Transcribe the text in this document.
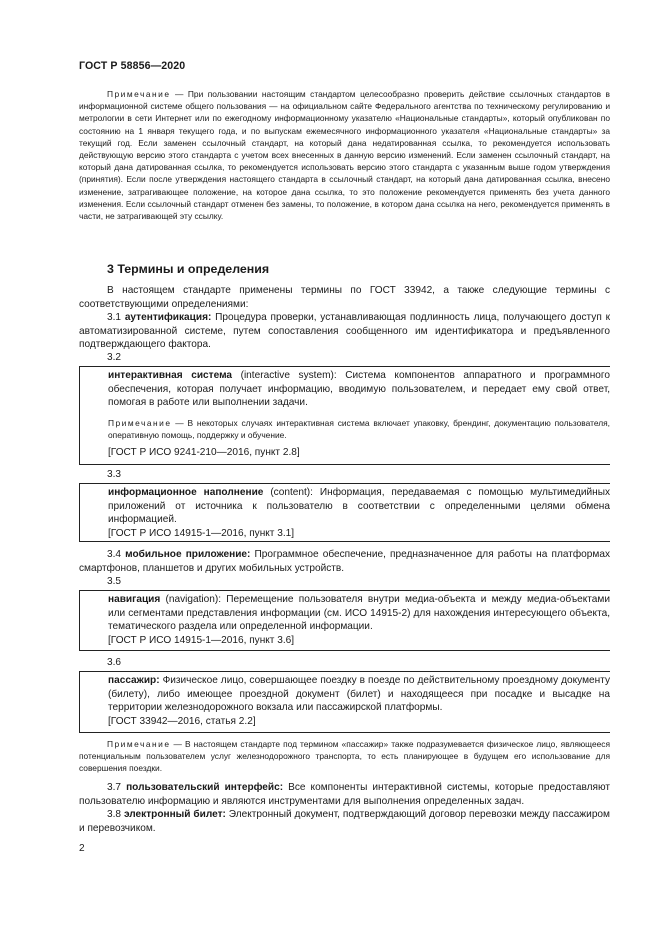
ГОСТ Р 58856—2020

Примечание — При пользовании настоящим стандартом целесообразно проверить действие ссылочных стандартов в информационной системе общего пользования — на официальном сайте Федерального агентства по техническому регулированию и метрологии в сети Интернет или по ежегодному информационному указателю «Национальные стандарты», который опубликован по состоянию на 1 января текущего года, и по выпускам ежемесячного информационного указателя «Национальные стандарты» за текущий год. Если заменен ссылочный стандарт, на который дана недатированная ссылка, то рекомендуется использовать действующую версию этого стандарта с учетом всех внесенных в данную версию изменений. Если заменен ссылочный стандарт, на который дана датированная ссылка, то рекомендуется использовать версию этого стандарта с указанным выше годом утверждения (принятия). Если после утверждения настоящего стандарта в ссылочный стандарт, на который дана датированная ссылка, внесено изменение, затрагивающее положение, на которое дана ссылка, то это положение рекомендуется применять без учета данного изменения. Если ссылочный стандарт отменен без замены, то положение, в котором дана ссылка на него, рекомендуется применять в части, не затрагивающей эту ссылку.

3 Термины и определения

В настоящем стандарте применены термины по ГОСТ 33942, а также следующие термины с соответствующими определениями:

3.1 аутентификация: Процедура проверки, устанавливающая подлинность лица, получающего доступ к автоматизированной системе, путем сопоставления сообщенного им идентификатора и предъявленного подтверждающего фактора.

3.2

интерактивная система (interactive system): Система компонентов аппаратного и программного обеспечения, которая получает информацию, вводимую пользователем, и передает ему свой ответ, помогая в работе или выполнении задачи.

Примечание — В некоторых случаях интерактивная система включает упаковку, брендинг, документацию пользователя, оперативную помощь, поддержку и обучение.

[ГОСТ Р ИСО 9241-210—2016, пункт 2.8]

3.3

информационное наполнение (content): Информация, передаваемая с помощью мультимедийных приложений от источника к пользователю в соответствии с определенными целями обмена информацией.

[ГОСТ Р ИСО 14915-1—2016, пункт 3.1]

3.4 мобильное приложение: Программное обеспечение, предназначенное для работы на платформах смартфонов, планшетов и других мобильных устройств.

3.5

навигация (navigation): Перемещение пользователя внутри медиа-объекта и между медиа-объектами или сегментами представления информации (см. ИСО 14915-2) для нахождения интересующего объекта, тематического раздела или определенной информации.

[ГОСТ Р ИСО 14915-1—2016, пункт 3.6]

3.6

пассажир: Физическое лицо, совершающее поездку в поезде по действительному проездному документу (билету), либо имеющее проездной документ (билет) и находящееся при посадке и высадке на территории железнодорожного вокзала или пассажирской платформы.

[ГОСТ 33942—2016, статья 2.2]

Примечание — В настоящем стандарте под термином «пассажир» также подразумевается физическое лицо, являющееся потенциальным пользователем услуг железнодорожного транспорта, то есть планирующее в будущем его использование для совершения поездки.

3.7 пользовательский интерфейс: Все компоненты интерактивной системы, которые предоставляют пользователю информацию и являются инструментами для выполнения определенных задач.

3.8 электронный билет: Электронный документ, подтверждающий договор перевозки между пассажиром и перевозчиком.

2
